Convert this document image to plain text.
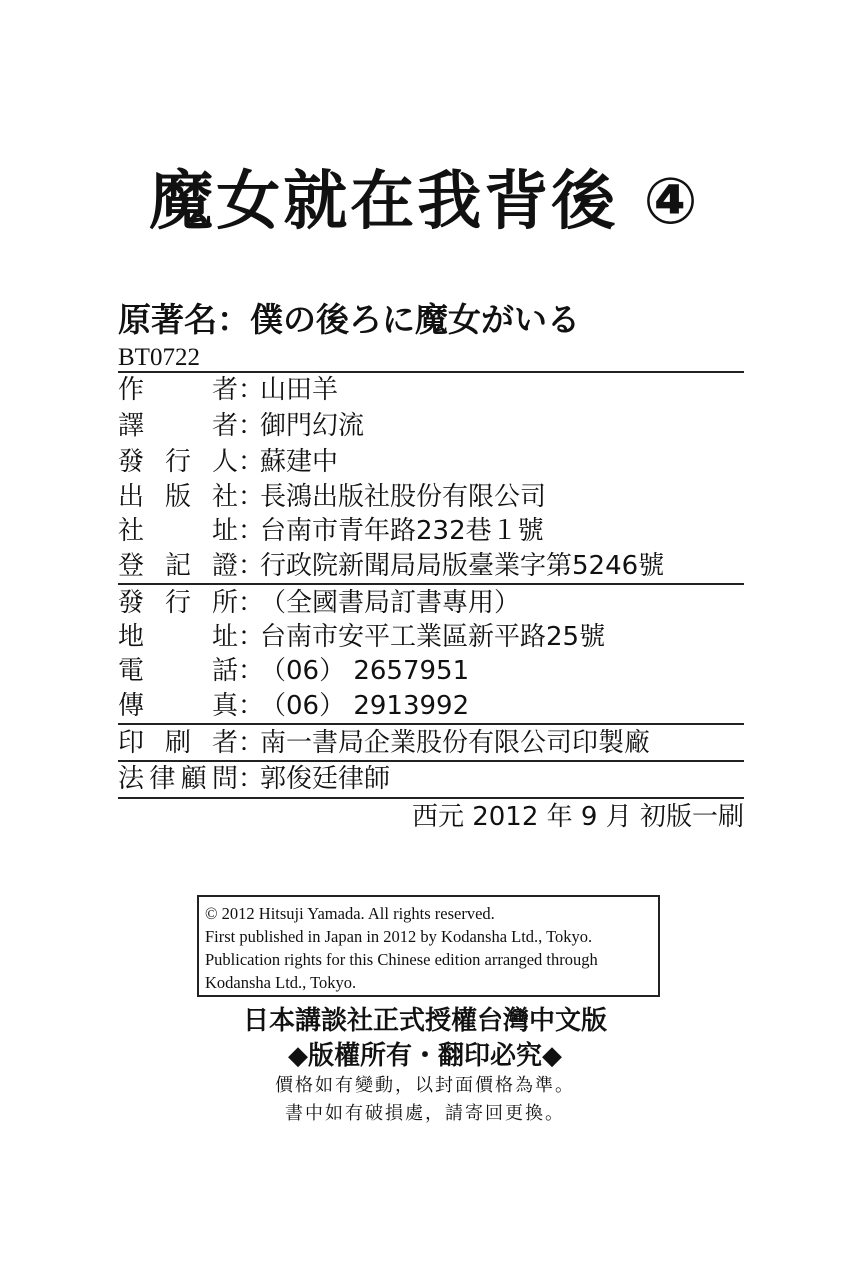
魔女就在我背後 ④
原著名：僕の後ろに魔女がいる
BT0722
作者：山田羊
譯者：御門幻流
發行人：蘇建中
出版社：長鴻出版社股份有限公司
社址：台南市青年路232巷１號
登記證：行政院新聞局局版臺業字第5246號
發行所：（全國書局訂書專用）
地址：台南市安平工業區新平路25號
電話：（06） 2657951
傳真：（06） 2913992
印刷者：南一書局企業股份有限公司印製廠
法律顧問：郭俊廷律師
西元 2012 年 9 月 初版一刷
© 2012 Hitsuji Yamada. All rights reserved.
First published in Japan in 2012 by Kodansha Ltd., Tokyo.
Publication rights for this Chinese edition arranged through
Kodansha Ltd., Tokyo.
日本講談社正式授權台灣中文版
◆版權所有・翻印必究◆
價格如有變動，以封面價格為準。
書中如有破損處，請寄回更換。
